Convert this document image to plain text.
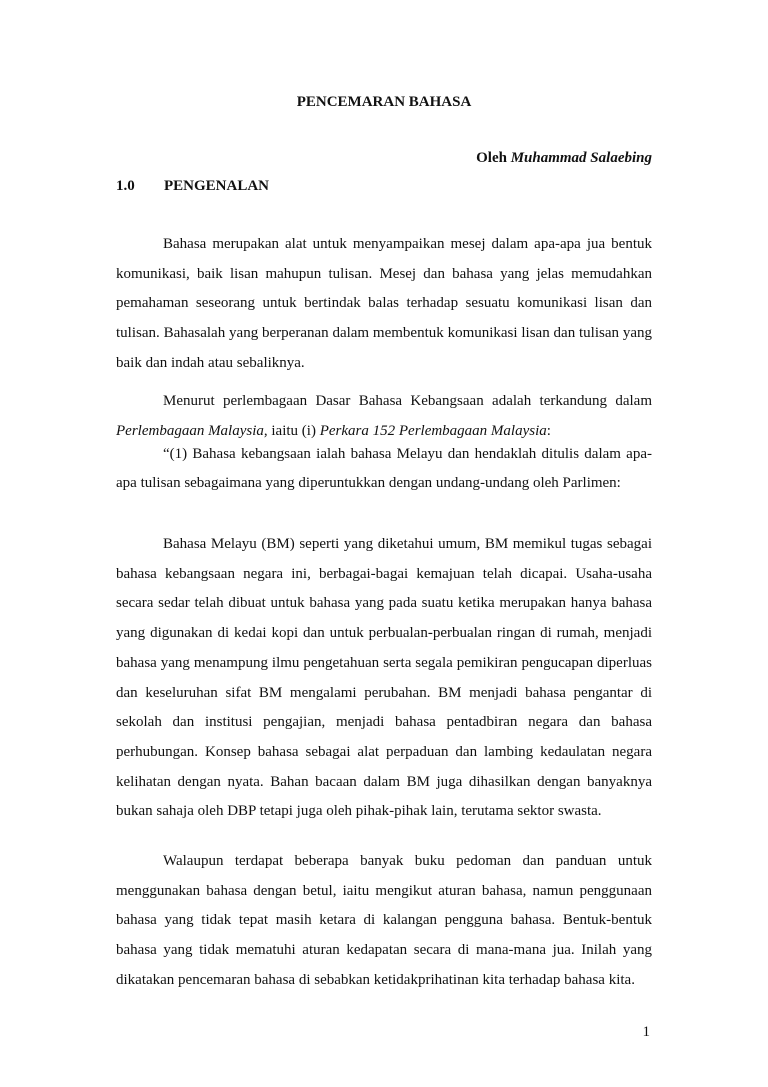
PENCEMARAN BAHASA
Oleh Muhammad Salaebing
1.0 PENGENALAN
Bahasa merupakan alat untuk menyampaikan mesej dalam apa-apa jua bentuk komunikasi, baik lisan mahupun tulisan. Mesej dan bahasa yang jelas memudahkan pemahaman seseorang untuk bertindak balas terhadap sesuatu komunikasi lisan dan tulisan. Bahasalah yang berperanan dalam membentuk komunikasi lisan dan tulisan yang baik dan indah atau sebaliknya.
Menurut perlembagaan Dasar Bahasa Kebangsaan adalah terkandung dalam Perlembagaan Malaysia, iaitu (i) Perkara 152 Perlembagaan Malaysia:
“(1) Bahasa kebangsaan ialah bahasa Melayu dan hendaklah ditulis dalam apa-apa tulisan sebagaimana yang diperuntukkan dengan undang-undang oleh Parlimen:
Bahasa Melayu (BM) seperti yang diketahui umum, BM memikul tugas sebagai bahasa kebangsaan negara ini, berbagai-bagai kemajuan telah dicapai. Usaha-usaha secara sedar telah dibuat untuk bahasa yang pada suatu ketika merupakan hanya bahasa yang digunakan di kedai kopi dan untuk perbualan-perbualan ringan di rumah, menjadi bahasa yang menampung ilmu pengetahuan serta segala pemikiran pengucapan diperluas dan keseluruhan sifat BM mengalami perubahan. BM menjadi bahasa pengantar di sekolah dan institusi pengajian, menjadi bahasa pentadbiran negara dan bahasa perhubungan. Konsep bahasa sebagai alat perpaduan dan lambing kedaulatan negara kelihatan dengan nyata. Bahan bacaan dalam BM juga dihasilkan dengan banyaknya bukan sahaja oleh DBP tetapi juga oleh pihak-pihak lain, terutama sektor swasta.
Walaupun terdapat beberapa banyak buku pedoman dan panduan untuk menggunakan bahasa dengan betul, iaitu mengikut aturan bahasa, namun penggunaan bahasa yang tidak tepat masih ketara di kalangan pengguna bahasa. Bentuk-bentuk bahasa yang tidak mematuhi aturan kedapatan secara di mana-mana jua. Inilah yang dikatakan pencemaran bahasa di sebabkan ketidakprihatinan kita terhadap bahasa kita.
1
